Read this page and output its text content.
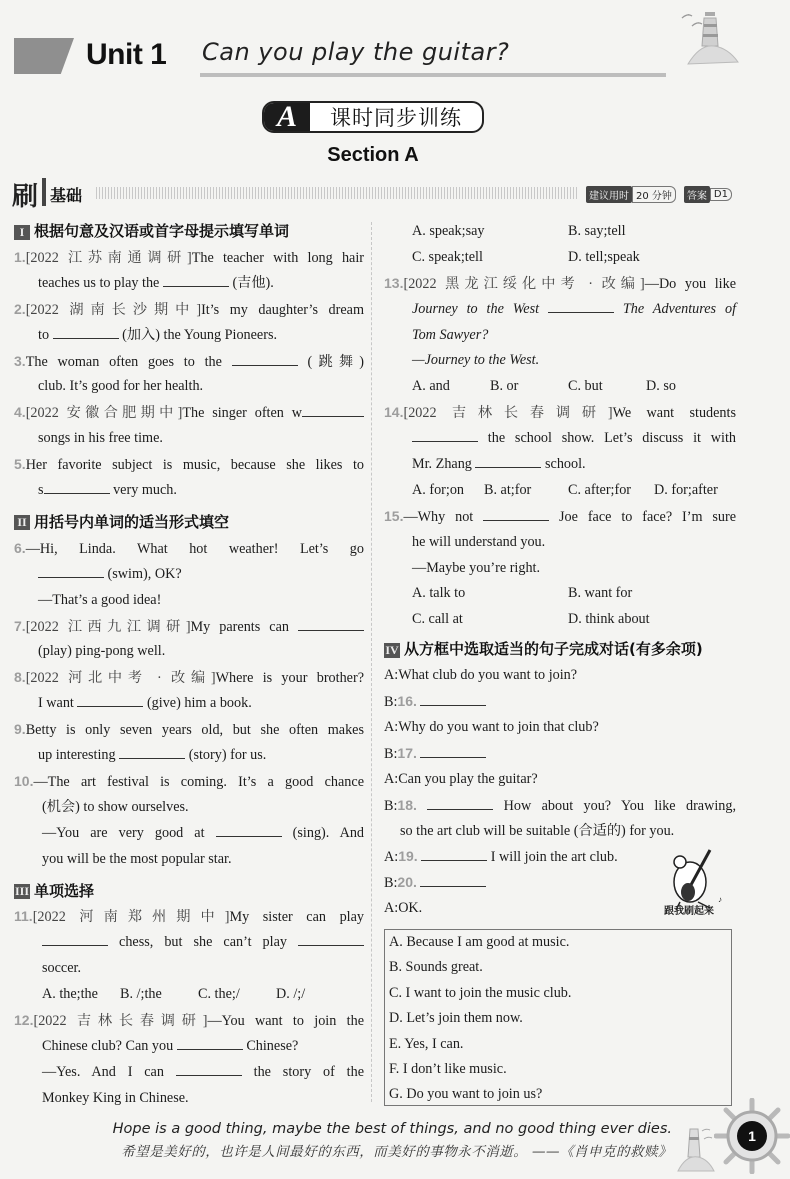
Unit 1 Can you play the guitar?
A	课时同步训练
Section A
刷 基础	建议用时 20 分钟	答案 D1
I 根据句意及汉语或首字母提示填写单词
1.[2022 江苏南通调研]The teacher with long hair
teaches us to play the	(吉他).
2.[2022 湖南长沙期中]It’s my daughter’s dream
to	(加入) the Young Pioneers.
3.The woman often goes to the	(跳舞)
club. It’s good for her health.
4.[2022 安徽合肥期中]The singer often w
songs in his free time.
5.Her favorite subject is music, because she likes to
s	very much.
II 用括号内单词的适当形式填空
6.—Hi, Linda. What hot weather! Let’s go
(swim), OK?
—That’s a good idea!
7.[2022 江西九江调研]My parents can
(play) ping-pong well.
8.[2022 河北中考 · 改编]Where is your brother?
I want	(give) him a book.
9.Betty is only seven years old, but she often makes
up interesting	(story) for us.
10.—The art festival is coming. It’s a good chance
(机会) to show ourselves.
—You are very good at	(sing). And
you will be the most popular star.
III 单项选择
11.[2022 河南郑州期中]My sister can play
chess, but she can’t play
soccer.
A. the;the	B. /;the	C. the;/	D. /;/
12.[2022 吉林长春调研]—You want to join the
Chinese club? Can you	Chinese?
—Yes. And I can	the story of the
Monkey King in Chinese.
A. speak;say	B. say;tell
C. speak;tell	D. tell;speak
13.[2022 黑龙江绥化中考 · 改编]—Do you like
Journey to the West	The Adventures of
Tom Sawyer?
—Journey to the West.
A. and	B. or	C. but	D. so
14.[2022 吉林长春调研]We want students
the school show. Let’s discuss it with
Mr. Zhang	school.
A. for;on	B. at;for	C. after;for	D. for;after
15.—Why not	Joe face to face? I’m sure
he will understand you.
—Maybe you’re right.
A. talk to	B. want for
C. call at	D. think about
IV 从方框中选取适当的句子完成对话(有多余项)
A:What club do you want to join?
B:16.
A:Why do you want to join that club?
B:17.
A:Can you play the guitar?
B:18.	How about you? You like drawing,
so the art club will be suitable (合适的) for you.
A:19.	I will join the art club.
B:20.
A:OK.
♪
跟我刷起来
A. Because I am good at music.
B. Sounds great.
C. I want to join the music club.
D. Let’s join them now.
E. Yes, I can.
F. I don’t like music.
G. Do you want to join us?
Hope is a good thing, maybe the best of things, and no good thing ever dies.
希望是美好的，也许是人间最好的东西，而美好的事物永不消逝。 ——《肖申克的救赎》
1
